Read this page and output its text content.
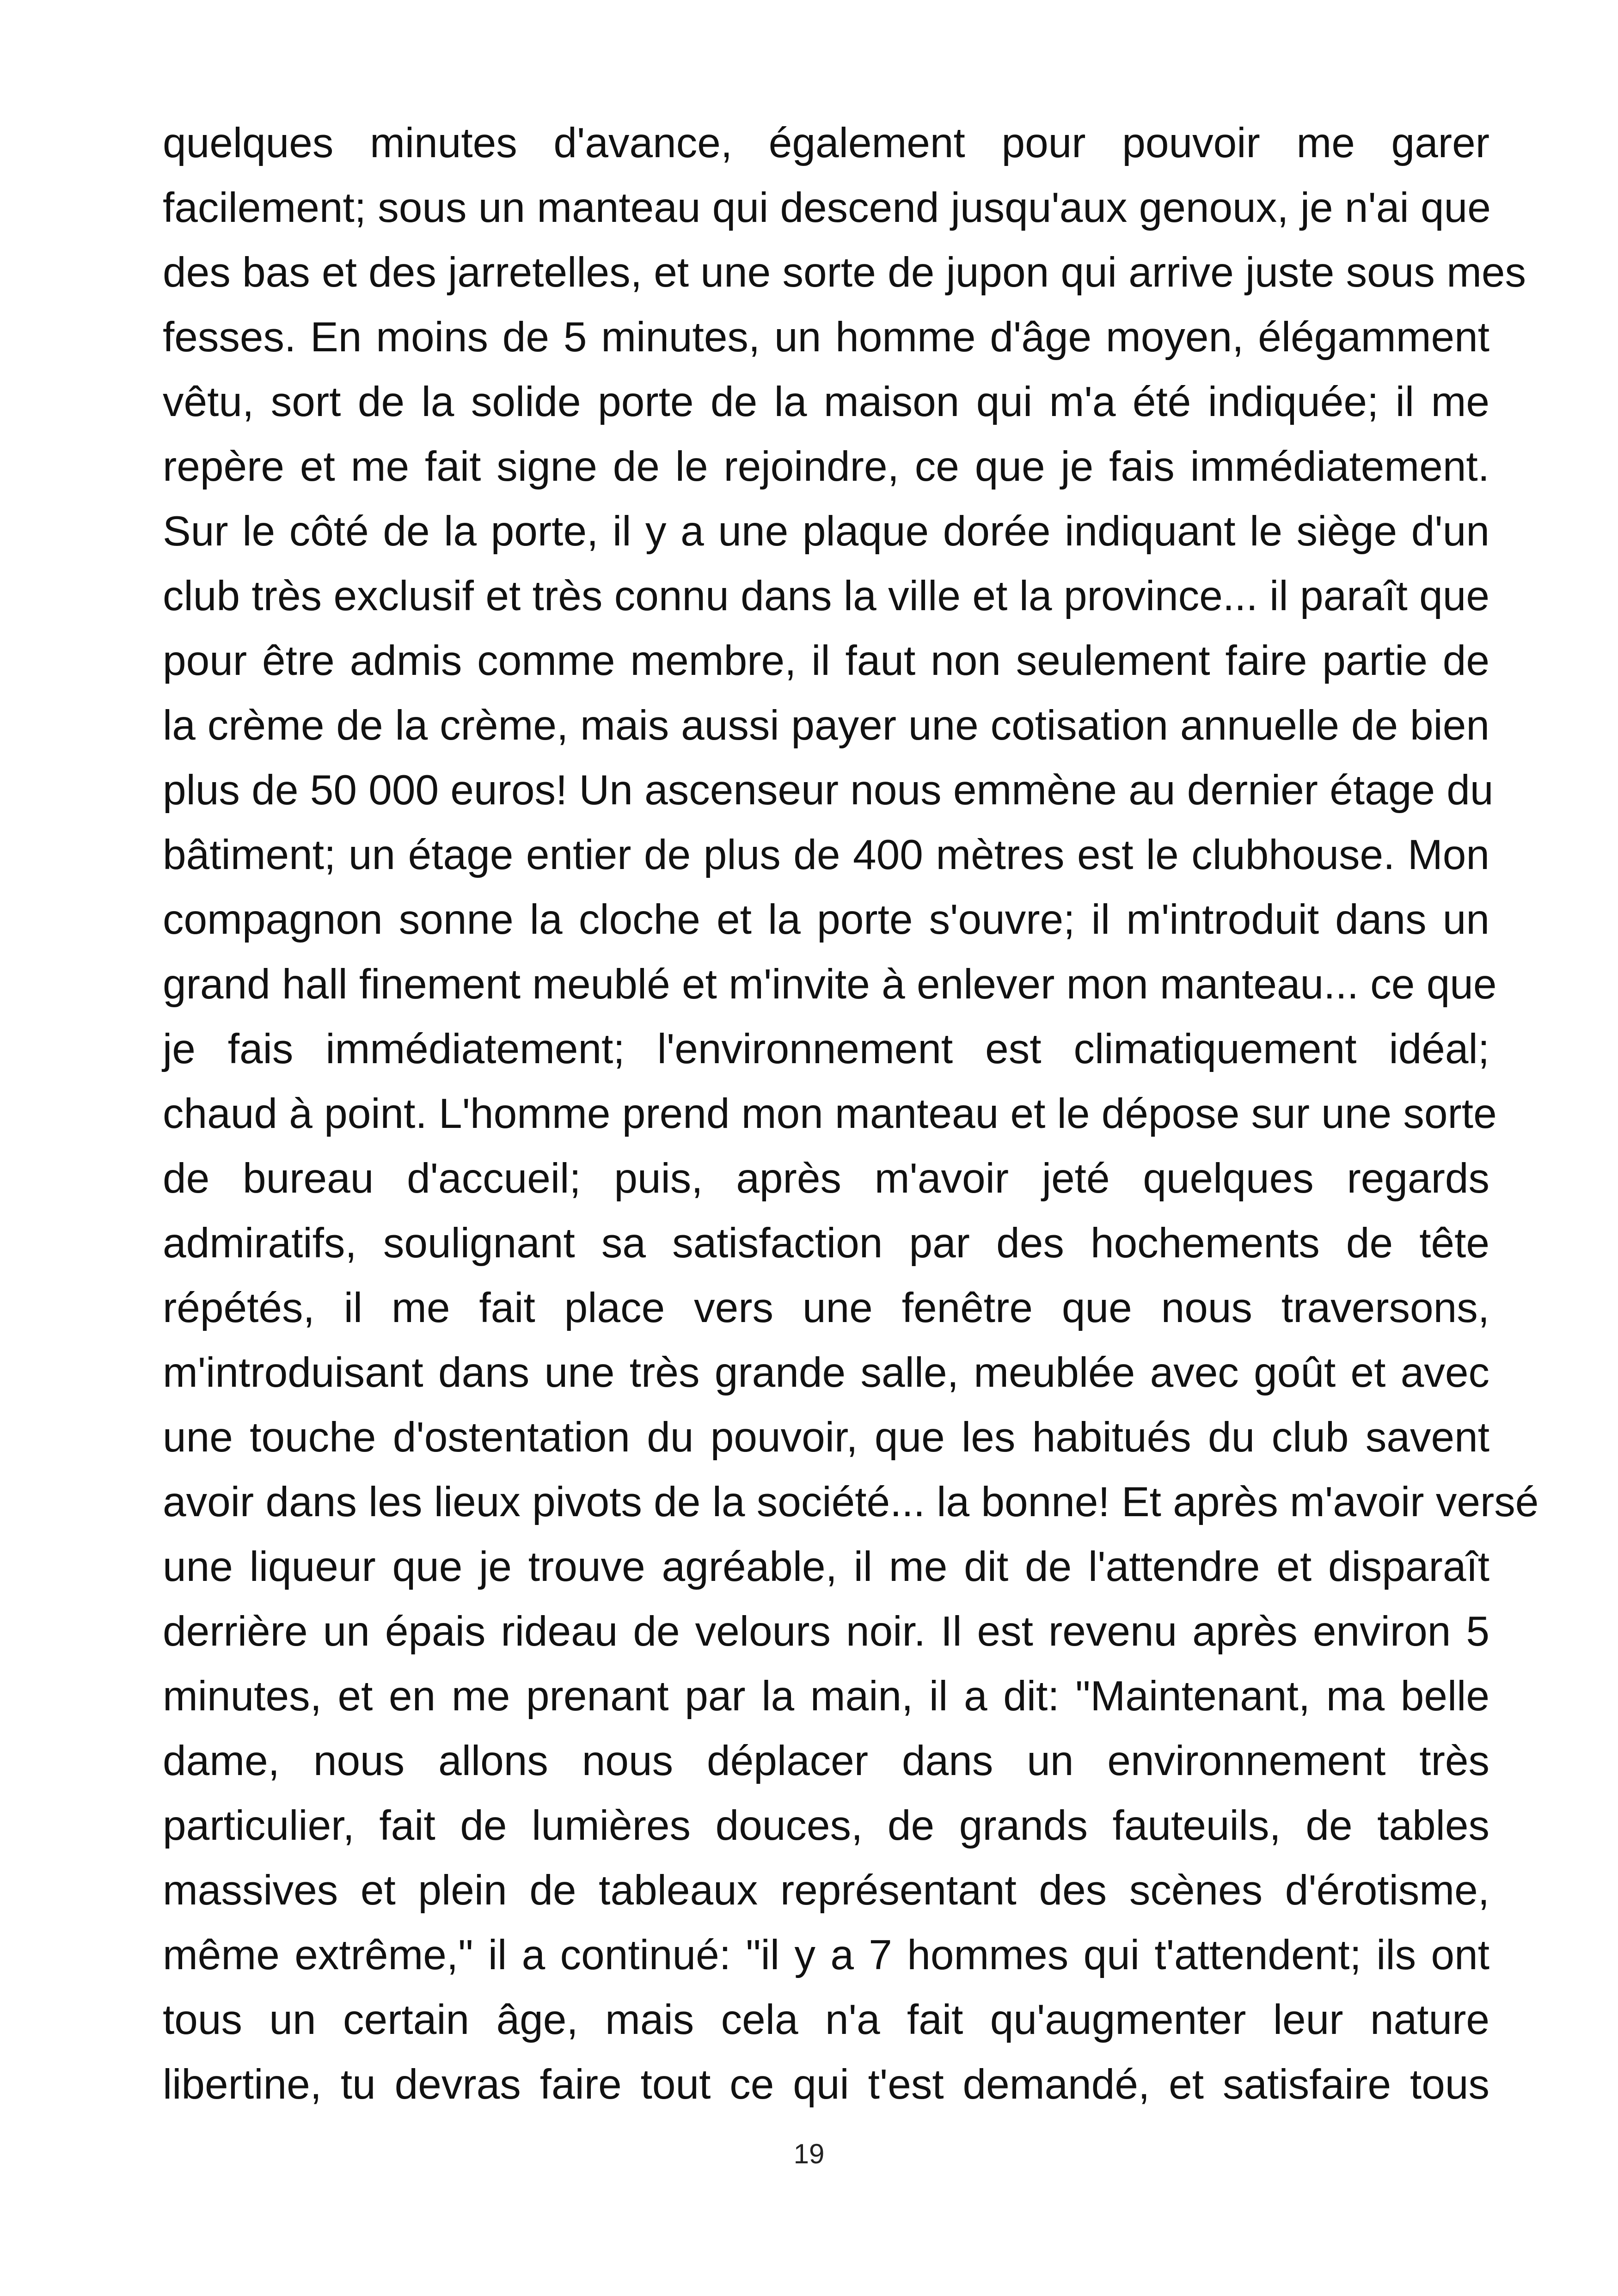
quelques minutes d'avance, également pour pouvoir me garer
facilement; sous un manteau qui descend jusqu'aux genoux, je n'ai que
des bas et des jarretelles, et une sorte de jupon qui arrive juste sous mes
fesses. En moins de 5 minutes, un homme d'âge moyen, élégamment
vêtu, sort de la solide porte de la maison qui m'a été indiquée; il me
repère et me fait signe de le rejoindre, ce que je fais immédiatement.
Sur le côté de la porte, il y a une plaque dorée indiquant le siège d'un
club très exclusif et très connu dans la ville et la province... il paraît que
pour être admis comme membre, il faut non seulement faire partie de
la crème de la crème, mais aussi payer une cotisation annuelle de bien
plus de 50 000 euros! Un ascenseur nous emmène au dernier étage du
bâtiment; un étage entier de plus de 400 mètres est le clubhouse. Mon
compagnon sonne la cloche et la porte s'ouvre; il m'introduit dans un
grand hall finement meublé et m'invite à enlever mon manteau... ce que
je fais immédiatement; l'environnement est climatiquement idéal;
chaud à point. L'homme prend mon manteau et le dépose sur une sorte
de bureau d'accueil; puis, après m'avoir jeté quelques regards
admiratifs, soulignant sa satisfaction par des hochements de tête
répétés, il me fait place vers une fenêtre que nous traversons,
m'introduisant dans une très grande salle, meublée avec goût et avec
une touche d'ostentation du pouvoir, que les habitués du club savent
avoir dans les lieux pivots de la société... la bonne! Et après m'avoir versé
une liqueur que je trouve agréable, il me dit de l'attendre et disparaît
derrière un épais rideau de velours noir. Il est revenu après environ 5
minutes, et en me prenant par la main, il a dit: "Maintenant, ma belle
dame, nous allons nous déplacer dans un environnement très
particulier, fait de lumières douces, de grands fauteuils, de tables
massives et plein de tableaux représentant des scènes d'érotisme,
même extrême," il a continué: "il y a 7 hommes qui t'attendent; ils ont
tous un certain âge, mais cela n'a fait qu'augmenter leur nature
libertine, tu devras faire tout ce qui t'est demandé, et satisfaire tous
19
